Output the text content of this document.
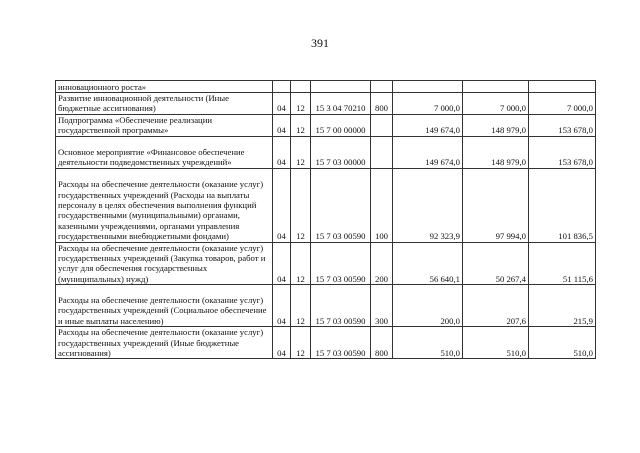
391
инновационного роста»							
Развитие инновационной деятельности (Иные бюджетные ассигнования)	04	12	15 3 04 70210	800	7 000,0	7 000,0	7 000,0
Подпрограмма «Обеспечение реализации государственной программы»	04	12	15 7 00 00000		149 674,0	148 979,0	153 678,0
Основное мероприятие «Финансовое обеспечение деятельности подведомственных учреждений»	04	12	15 7 03 00000		149 674,0	148 979,0	153 678,0
Расходы на обеспечение деятельности (оказание услуг) государственных учреждений (Расходы на выплаты персоналу в целях обеспечения выполнения функций государственными (муниципальными) органами, казенными учреждениями, органами управления государственными внебюджетными фондами)	04	12	15 7 03 00590	100	92 323,9	97 994,0	101 836,5
Расходы на обеспечение деятельности (оказание услуг) государственных учреждений (Закупка товаров, работ и услуг для обеспечения государственных (муниципальных) нужд)	04	12	15 7 03 00590	200	56 640,1	50 267,4	51 115,6
Расходы на обеспечение деятельности (оказание услуг) государственных учреждений (Социальное обеспечение и иные выплаты населению)	04	12	15 7 03 00590	300	200,0	207,6	215,9
Расходы на обеспечение деятельности (оказание услуг) государственных учреждений (Иные бюджетные ассигнования)	04	12	15 7 03 00590	800	510,0	510,0	510,0
